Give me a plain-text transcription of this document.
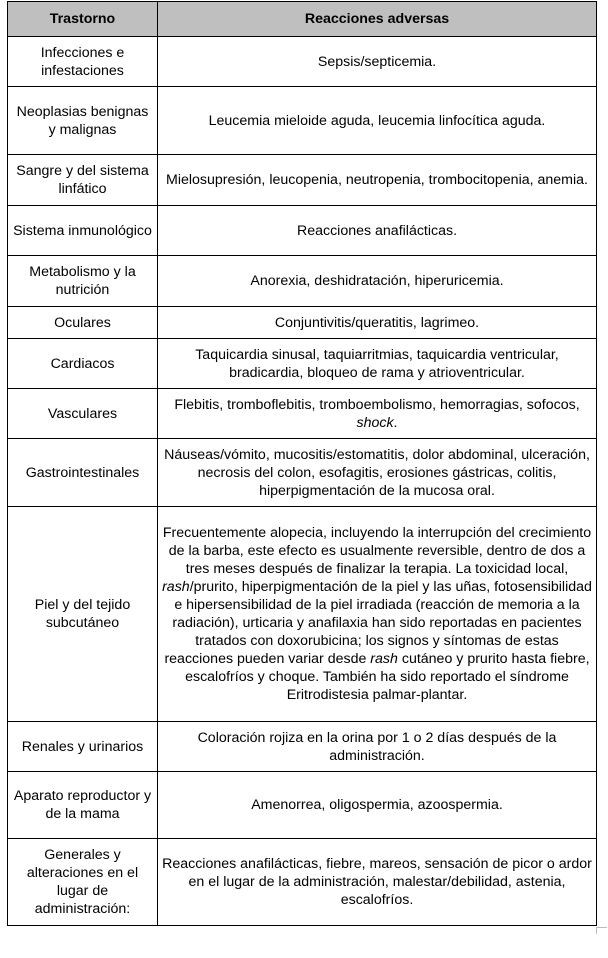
Trastorno	Reacciones adversas
Infecciones e infestaciones	Sepsis/septicemia.
Neoplasias benignas y malignas	Leucemia mieloide aguda, leucemia linfocítica aguda.
Sangre y del sistema linfático	Mielosupresión, leucopenia, neutropenia, trombocitopenia, anemia.
Sistema inmunológico	Reacciones anafilácticas.
Metabolismo y la nutrición	Anorexia, deshidratación, hiperuricemia.
Oculares	Conjuntivitis/queratitis, lagrimeo.
Cardiacos	Taquicardia sinusal, taquiarritmias, taquicardia ventricular, bradicardia, bloqueo de rama y atrioventricular.
Vasculares	Flebitis, tromboflebitis, tromboembolismo, hemorragias, sofocos, shock.
Gastrointestinales	Náuseas/vómito, mucositis/estomatitis, dolor abdominal, ulceración, necrosis del colon, esofagitis, erosiones gástricas, colitis, hiperpigmentación de la mucosa oral.
Piel y del tejido subcutáneo	Frecuentemente alopecia, incluyendo la interrupción del crecimiento de la barba, este efecto es usualmente reversible, dentro de dos a tres meses después de finalizar la terapia. La toxicidad local, rash/prurito, hiperpigmentación de la piel y las uñas, fotosensibilidad e hipersensibilidad de la piel irradiada (reacción de memoria a la radiación), urticaria y anafilaxia han sido reportadas en pacientes tratados con doxorubicina; los signos y síntomas de estas reacciones pueden variar desde rash cutáneo y prurito hasta fiebre, escalofríos y choque. También ha sido reportado el síndrome Eritrodistesia palmar-plantar.
Renales y urinarios	Coloración rojiza en la orina por 1 o 2 días después de la administración.
Aparato reproductor y de la mama	Amenorrea, oligospermia, azoospermia.
Generales y alteraciones en el lugar de administración:	Reacciones anafilácticas, fiebre, mareos, sensación de picor o ardor en el lugar de la administración, malestar/debilidad, astenia, escalofríos.
